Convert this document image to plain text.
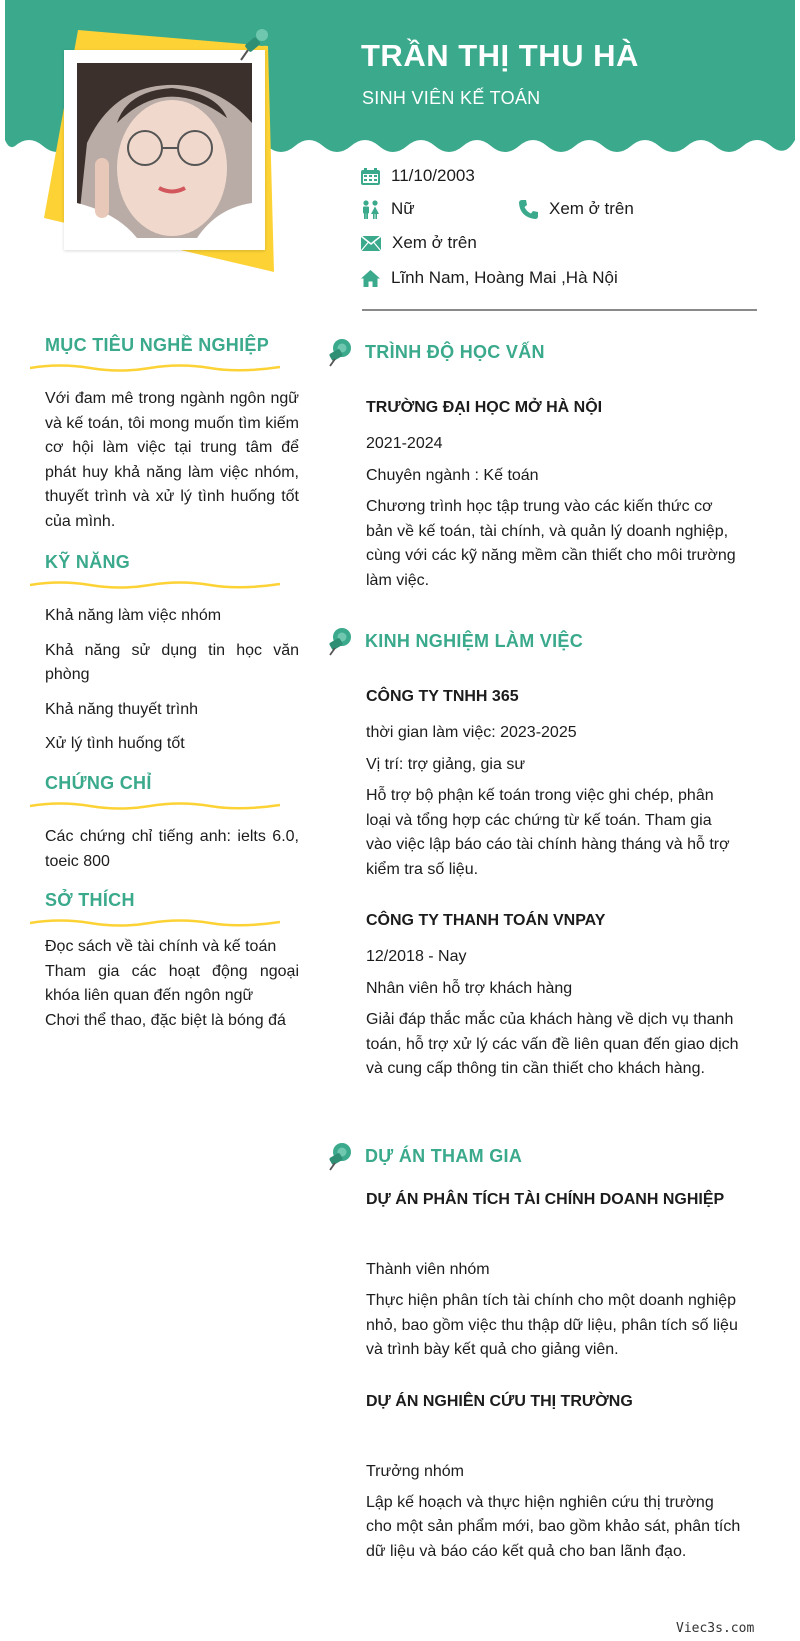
TRẦN THỊ THU HÀ
SINH VIÊN KẾ TOÁN
11/10/2003
Nữ	Xem ở trên
Xem ở trên
Lĩnh Nam, Hoàng Mai ,Hà Nội
MỤC TIÊU NGHỀ NGHIỆP
Với đam mê trong ngành ngôn ngữ và kế toán, tôi mong muốn tìm kiếm cơ hội làm việc tại trung tâm để phát huy khả năng làm việc nhóm, thuyết trình và xử lý tình huống tốt của mình.
KỸ NĂNG
Khả năng làm việc nhóm
Khả năng sử dụng tin học văn phòng
Khả năng thuyết trình
Xử lý tình huống tốt
CHỨNG CHỈ
Các chứng chỉ tiếng anh: ielts 6.0, toeic 800
SỞ THÍCH
Đọc sách về tài chính và kế toán
Tham gia các hoạt động ngoại khóa liên quan đến ngôn ngữ
Chơi thể thao, đặc biệt là bóng đá
TRÌNH ĐỘ HỌC VẤN
TRƯỜNG ĐẠI HỌC MỞ HÀ NỘI
2021-2024
Chuyên ngành : Kế toán
Chương trình học tập trung vào các kiến thức cơ bản về kế toán, tài chính, và quản lý doanh nghiệp, cùng với các kỹ năng mềm cần thiết cho môi trường làm việc.
KINH NGHIỆM LÀM VIỆC
CÔNG TY TNHH 365
thời gian làm việc: 2023-2025
Vị trí: trợ giảng, gia sư
Hỗ trợ bộ phận kế toán trong việc ghi chép, phân loại và tổng hợp các chứng từ kế toán. Tham gia vào việc lập báo cáo tài chính hàng tháng và hỗ trợ kiểm tra số liệu.
CÔNG TY THANH TOÁN VNPAY
12/2018 - Nay
Nhân viên hỗ trợ khách hàng
Giải đáp thắc mắc của khách hàng về dịch vụ thanh toán, hỗ trợ xử lý các vấn đề liên quan đến giao dịch và cung cấp thông tin cần thiết cho khách hàng.
DỰ ÁN THAM GIA
DỰ ÁN PHÂN TÍCH TÀI CHÍNH DOANH NGHIỆP
Thành viên nhóm
Thực hiện phân tích tài chính cho một doanh nghiệp nhỏ, bao gồm việc thu thập dữ liệu, phân tích số liệu và trình bày kết quả cho giảng viên.
DỰ ÁN NGHIÊN CỨU THỊ TRƯỜNG
Trưởng nhóm
Lập kế hoạch và thực hiện nghiên cứu thị trường cho một sản phẩm mới, bao gồm khảo sát, phân tích dữ liệu và báo cáo kết quả cho ban lãnh đạo.
Viec3s.com
